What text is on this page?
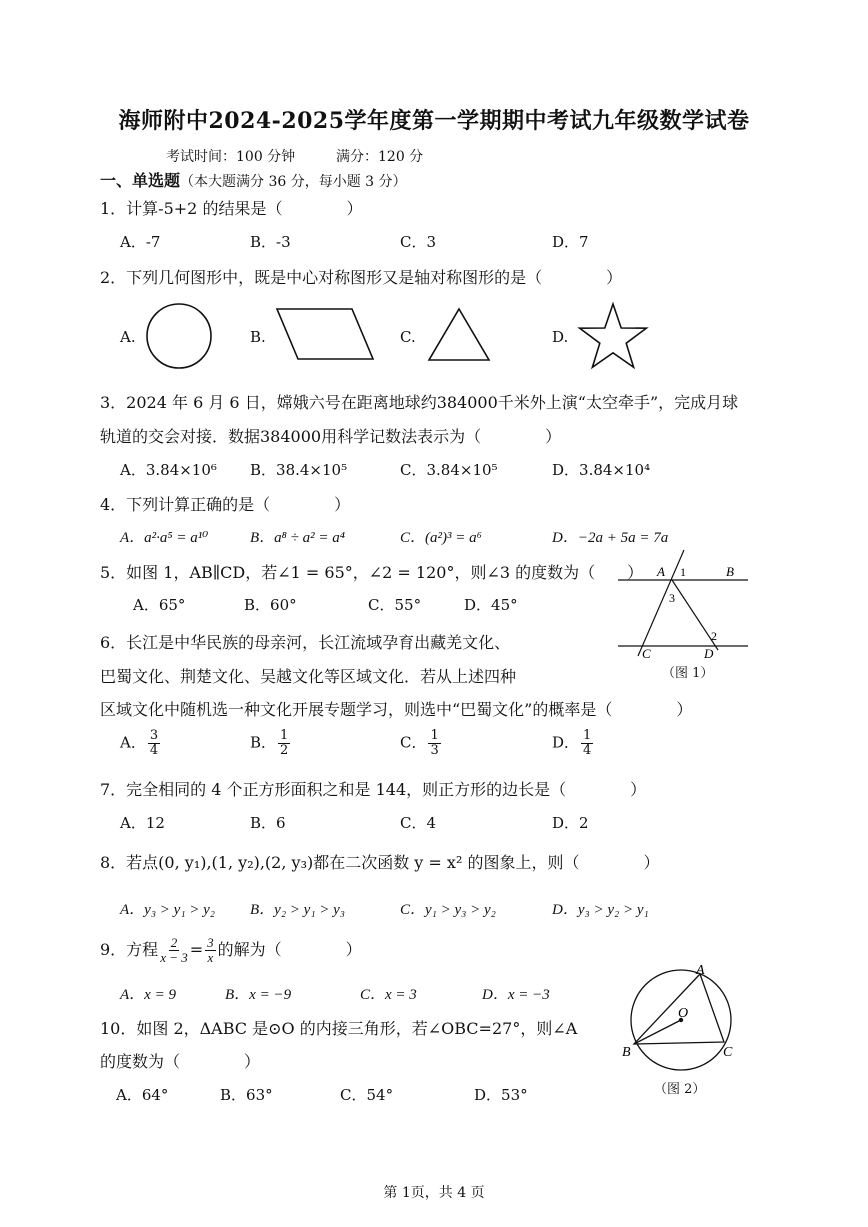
海师附中2024-2025学年度第一学期期中考试九年级数学试卷
考试时间：100 分钟	满分：120 分
一、单选题（本大题满分 36 分，每小题 3 分）
1．计算-5+2 的结果是（　　　　）
A．-7	B．-3	C．3	D．7
2．下列几何图形中，既是中心对称图形又是轴对称图形的是（　　　　）
A.	B.	C.	D.
3．2024 年 6 月 6 日，嫦娥六号在距离地球约384000千米外上演“太空牵手”，完成月球
轨道的交会对接．数据384000用科学记数法表示为（　　　　）
A．3.84×10⁶ B．38.4×10⁵	C．3.84×10⁵	D．3.84×10⁴
4．下列计算正确的是（　　　　）
A．a²·a⁵ = a¹⁰	B．a⁸ ÷ a² = a⁴	C．(a²)³ = a⁶	D．−2a + 5a = 7a
5．如图 1，AB∥CD，若∠1 = 65°，∠2 = 120°，则∠3 的度数为（　　）
A．65°	B．60°	C．55°	D．45°
A 1	B
3
2
C	D
（图 1）
6．长江是中华民族的母亲河，长江流域孕育出藏羌文化、
巴蜀文化、荆楚文化、吴越文化等区域文化．若从上述四种
区域文化中随机选一种文化开展专题学习，则选中“巴蜀文化”的概率是（　　　　）
A． $\frac{3}{4}$	B． $\frac{1}{2}$	C． $\frac{1}{3}$	D． $\frac{1}{4}$
7．完全相同的 4 个正方形面积之和是 144，则正方形的边长是（　　　　）
A．12	B．6	C．4	D．2
8．若点(0, y₁),(1, y₂),(2, y₃)都在二次函数 y = x² 的图象上，则（　　　　）
A．y₃ > y₁ > y₂ B．y₂ > y₁ > y₃	C．y₁ > y₃ > y₂	D．y₃ > y₂ > y₁
9．方程 $\frac{2}{x - 3} = \frac{3}{x}$ 的解为（　　　　）
A．x = 9	B．x = −9	C．x = 3	D．x = −3
10．如图 2，ΔABC 是⊙O 的内接三角形，若∠OBC=27°，则∠A
的度数为（　　　　）
A．64°	B．63°	C．54°	D．53°
A
O
B	C
（图 2）
第 1页，共 4 页
